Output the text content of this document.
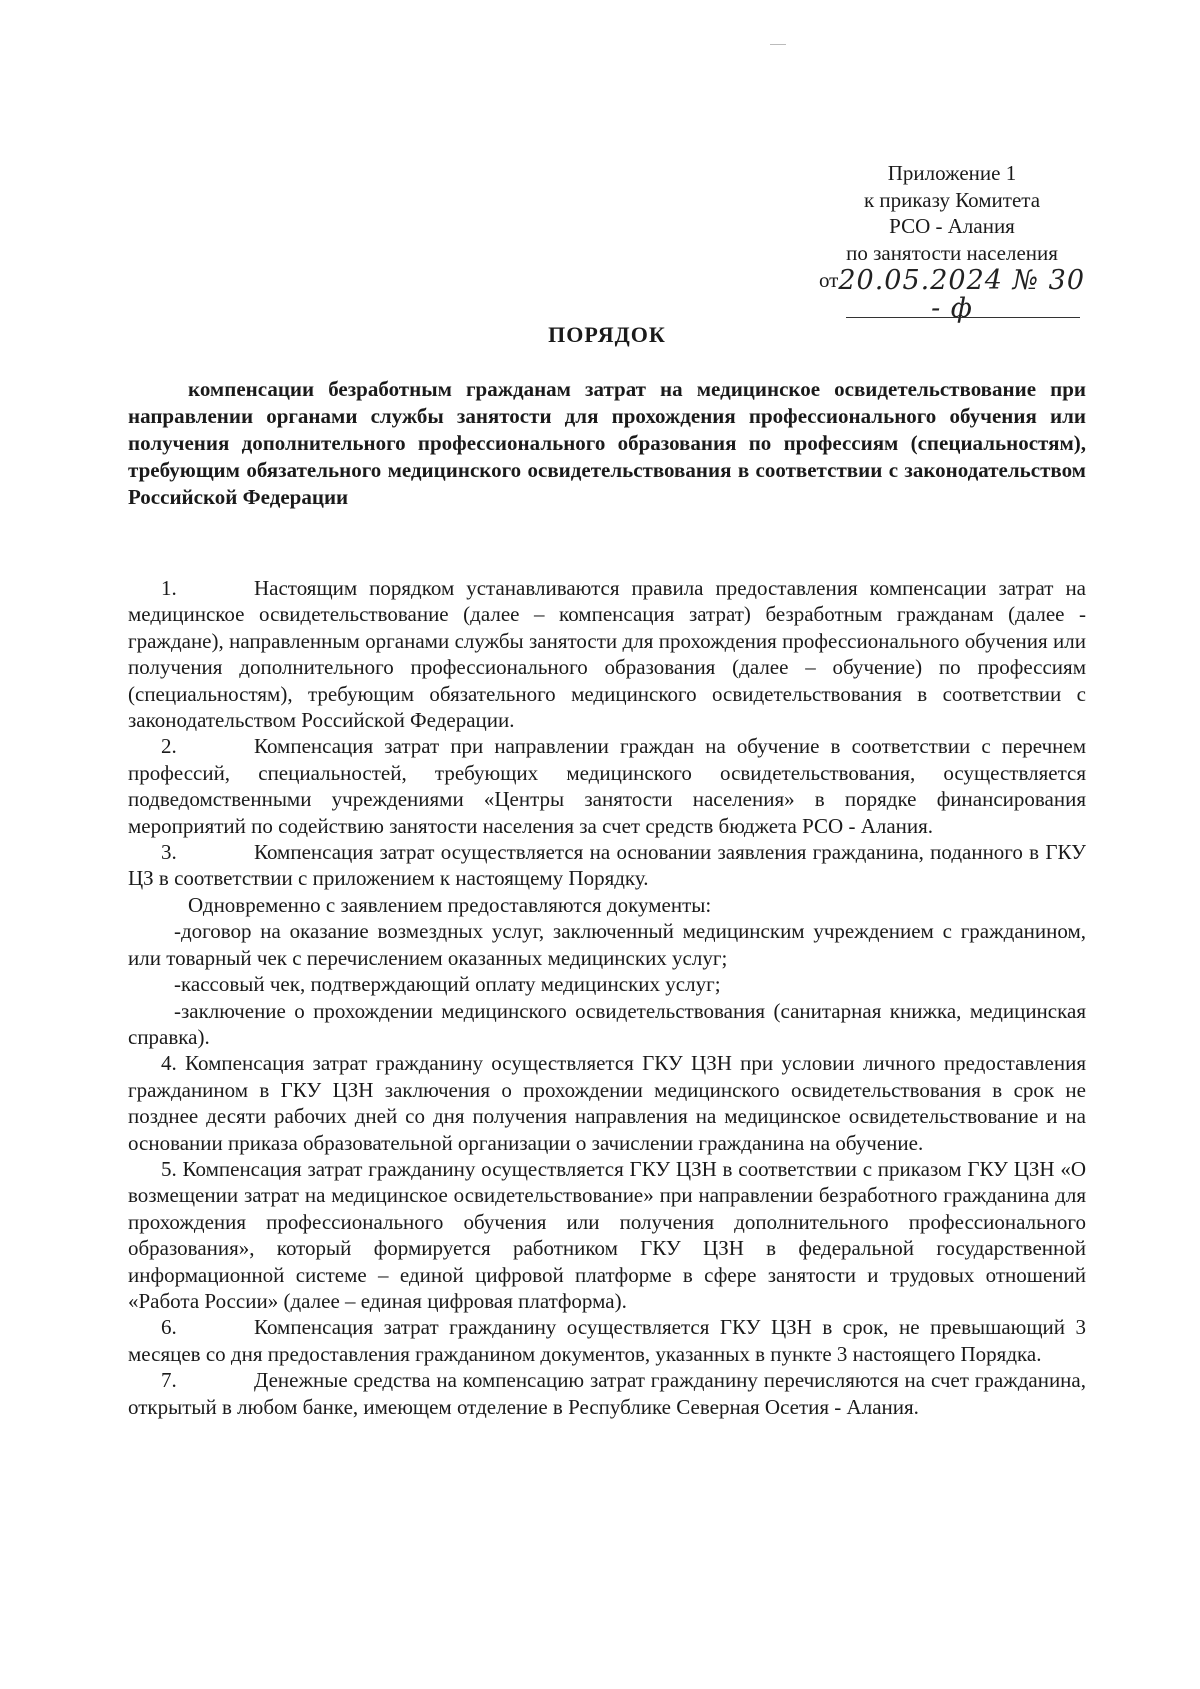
Приложение 1
к приказу Комитета
РСО - Алания
по занятости населения
от20.05.2024 № 30 - ф
ПОРЯДОК
компенсации безработным гражданам затрат на медицинское освидетельствование при направлении органами службы занятости для прохождения профессионального обучения или получения дополнительного профессионального образования по профессиям (специальностям), требующим обязательного медицинского освидетельствования в соответствии с законодательством Российской Федерации

1.	Настоящим порядком устанавливаются правила предоставления компенсации затрат на медицинское освидетельствование (далее – компенсация затрат) безработным гражданам (далее - граждане), направленным органами службы занятости для прохождения профессионального обучения или получения дополнительного профессионального образования (далее – обучение) по профессиям (специальностям), требующим обязательного медицинского освидетельствования в соответствии с законодательством Российской Федерации.

2.	Компенсация затрат при направлении граждан на обучение в соответствии с перечнем профессий, специальностей, требующих медицинского освидетельствования, осуществляется подведомственными учреждениями «Центры занятости населения» в порядке финансирования мероприятий по содействию занятости населения за счет средств бюджета РСО - Алания.

3.	Компенсация затрат осуществляется на основании заявления гражданина, поданного в ГКУ ЦЗ в соответствии с приложением к настоящему Порядку.

Одновременно с заявлением предоставляются документы:

-договор на оказание возмездных услуг, заключенный медицинским учреждением с гражданином, или товарный чек с перечислением оказанных медицинских услуг;

-кассовый чек, подтверждающий оплату медицинских услуг;

-заключение о прохождении медицинского освидетельствования (санитарная книжка, медицинская справка).

4. Компенсация затрат гражданину осуществляется ГКУ ЦЗН при условии личного предоставления гражданином в ГКУ ЦЗН заключения о прохождении медицинского освидетельствования в срок не позднее десяти рабочих дней со дня получения направления на медицинское освидетельствование и на основании приказа образовательной организации о зачислении гражданина на обучение.

5. Компенсация затрат гражданину осуществляется ГКУ ЦЗН в соответствии с приказом ГКУ ЦЗН «О возмещении затрат на медицинское освидетельствование» при направлении безработного гражданина для прохождения профессионального обучения или получения дополнительного профессионального образования», который формируется работником ГКУ ЦЗН в федеральной государственной информационной системе – единой цифровой платформе в сфере занятости и трудовых отношений «Работа России» (далее – единая цифровая платформа).

6.	Компенсация затрат гражданину осуществляется ГКУ ЦЗН в срок, не превышающий 3 месяцев со дня предоставления гражданином документов, указанных в пункте 3 настоящего Порядка.

7.	Денежные средства на компенсацию затрат гражданину перечисляются на счет гражданина, открытый в любом банке, имеющем отделение в Республике Северная Осетия - Алания.
